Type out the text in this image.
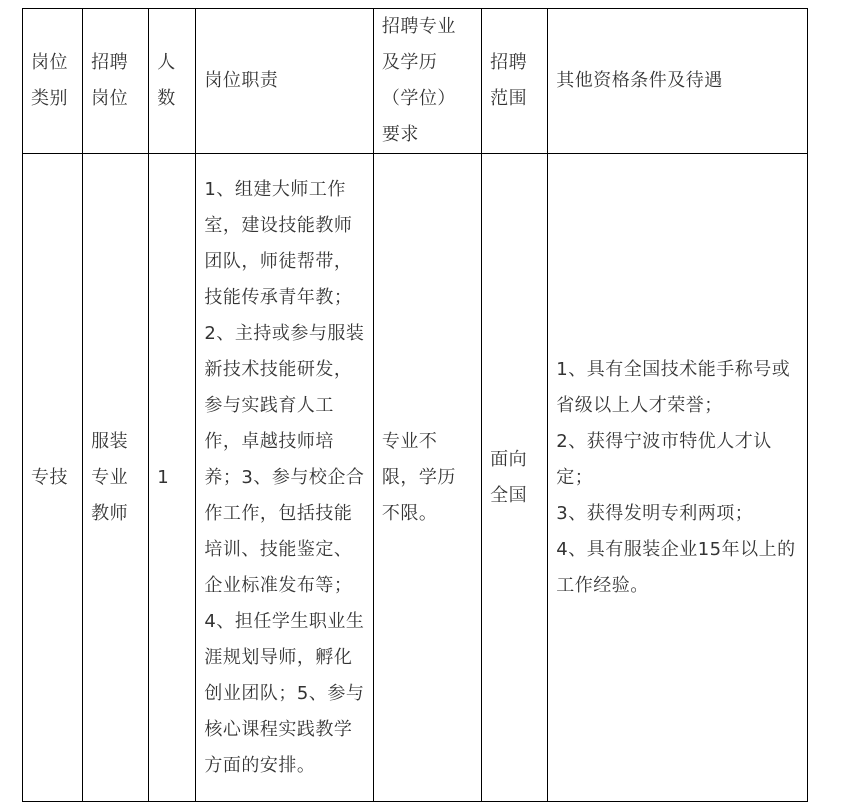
岗位类别	招聘岗位	人数	岗位职责	招聘专业及学历（学位）要求	招聘范围	其他资格条件及待遇

专技	服装专业教师	1	1、组建大师工作室，建设技能教师团队，师徒帮带，技能传承青年教；2、主持或参与服装新技术技能研发，参与实践育人工作，卓越技师培养；3、参与校企合作工作，包括技能培训、技能鉴定、企业标准发布等；4、担任学生职业生涯规划导师，孵化创业团队；5、参与核心课程实践教学方面的安排。	专业不限，学历不限。	面向全国	1、具有全国技术能手称号或省级以上人才荣誉；
2、获得宁波市特优人才认定；
3、获得发明专利两项；
4、具有服装企业15年以上的工作经验。
